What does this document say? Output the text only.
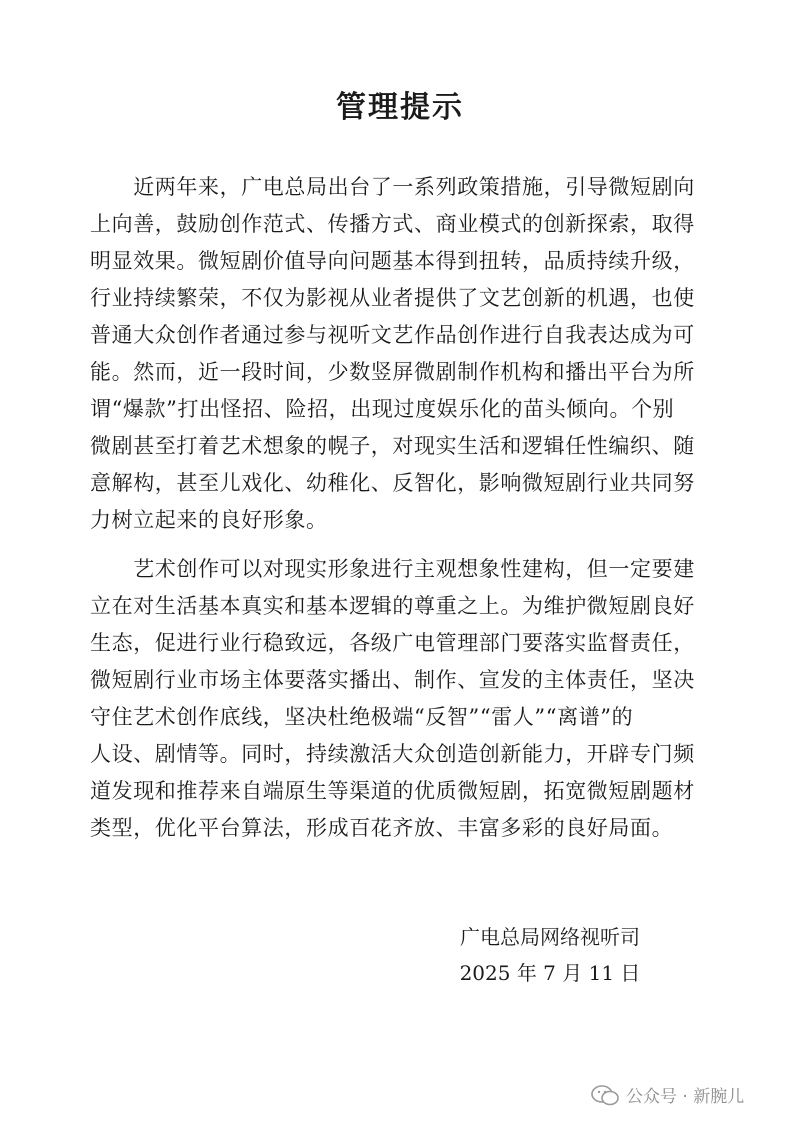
管理提示
　　近两年来，广电总局出台了一系列政策措施，引导微短剧向
上向善，鼓励创作范式、传播方式、商业模式的创新探索，取得
明显效果。微短剧价值导向问题基本得到扭转，品质持续升级，
行业持续繁荣，不仅为影视从业者提供了文艺创新的机遇，也使
普通大众创作者通过参与视听文艺作品创作进行自我表达成为可
能。然而，近一段时间，少数竖屏微剧制作机构和播出平台为所
谓“爆款”打出怪招、险招，出现过度娱乐化的苗头倾向。个别
微剧甚至打着艺术想象的幌子，对现实生活和逻辑任性编织、随
意解构，甚至儿戏化、幼稚化、反智化，影响微短剧行业共同努
力树立起来的良好形象。
　　艺术创作可以对现实形象进行主观想象性建构，但一定要建
立在对生活基本真实和基本逻辑的尊重之上。为维护微短剧良好
生态，促进行业行稳致远，各级广电管理部门要落实监督责任，
微短剧行业市场主体要落实播出、制作、宣发的主体责任，坚决
守住艺术创作底线，坚决杜绝极端“反智”“雷人”“离谱”的
人设、剧情等。同时，持续激活大众创造创新能力，开辟专门频
道发现和推荐来自端原生等渠道的优质微短剧，拓宽微短剧题材
类型，优化平台算法，形成百花齐放、丰富多彩的良好局面。
广电总局网络视听司
2025 年 7 月 11 日
公众号 · 新腕儿
